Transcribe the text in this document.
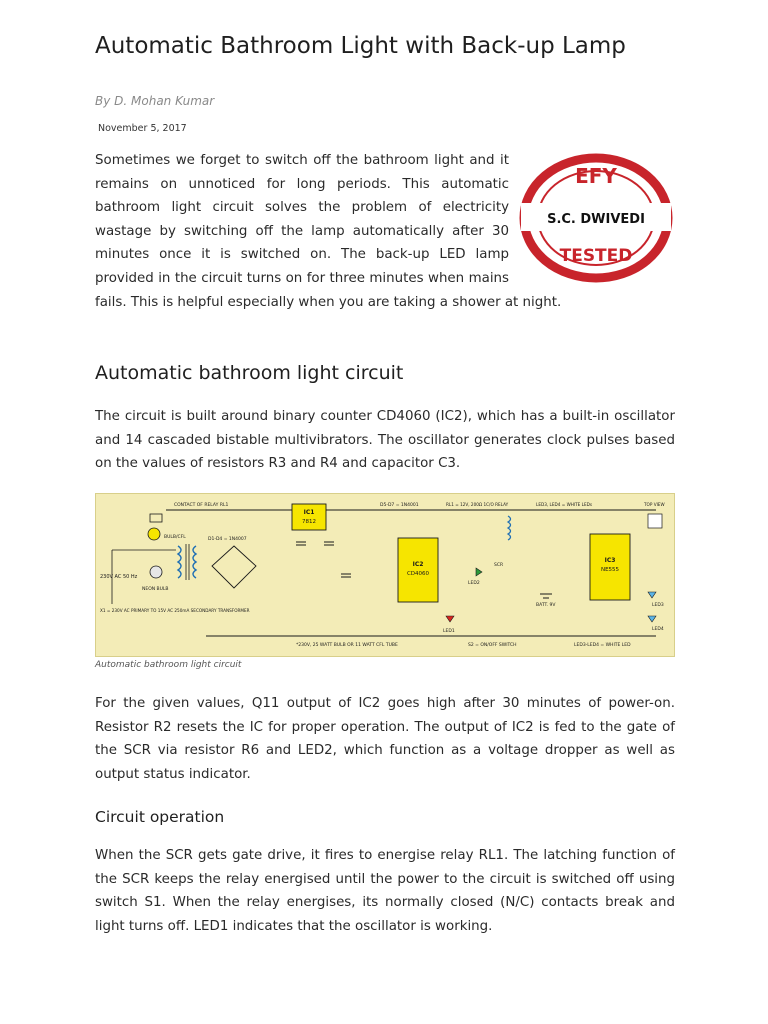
Automatic Bathroom Light with Back-up Lamp
By D. Mohan Kumar
November 5, 2017
EFY
S.C. DWIVEDI
TESTED
Sometimes we forget to switch off the bathroom light and it remains on unnoticed for long periods. This automatic bathroom light circuit solves the problem of electricity wastage by switching off the lamp automatically after 30 minutes once it is switched on. The back-up LED lamp provided in the circuit turns on for three minutes when mains fails. This is helpful especially when you are taking a shower at night.
Automatic bathroom light circuit

The circuit is built around binary counter CD4060 (IC2), which has a built-in oscillator and 14 cascaded bistable multivibrators. The oscillator generates clock pulses based on the values of resistors R3 and R4 and capacitor C3.

CONTACT OF RELAY RL1
BULB/CFL
230V AC 50 Hz
NEON BULB
X1 = 230V AC PRIMARY TO 15V AC 250mA SECONDARY TRANSFORMER
D1-D4 = 1N4007
IC1
7812
D5-D7 = 1N4001
IC2
CD4060
RL1 = 12V, 200Ω 1C/O RELAY
LED1
LED2
SCR
BATT. 9V
LED3, LED4 = WHITE LEDs
IC3
NE555
TOP VIEW
LED3
LED4
*230V, 25 WATT BULB OR 11 WATT CFL TUBE	S2 = ON/OFF SWITCH	LED3-LED4 = WHITE LED
Automatic bathroom light circuit

For the given values, Q11 output of IC2 goes high after 30 minutes of power-on. Resistor R2 resets the IC for proper operation. The output of IC2 is fed to the gate of the SCR via resistor R6 and LED2, which function as a voltage dropper as well as output status indicator.

Circuit operation

When the SCR gets gate drive, it fires to energise relay RL1. The latching function of the SCR keeps the relay energised until the power to the circuit is switched off using switch S1. When the relay energises, its normally closed (N/C) contacts break and light turns off. LED1 indicates that the oscillator is working.
